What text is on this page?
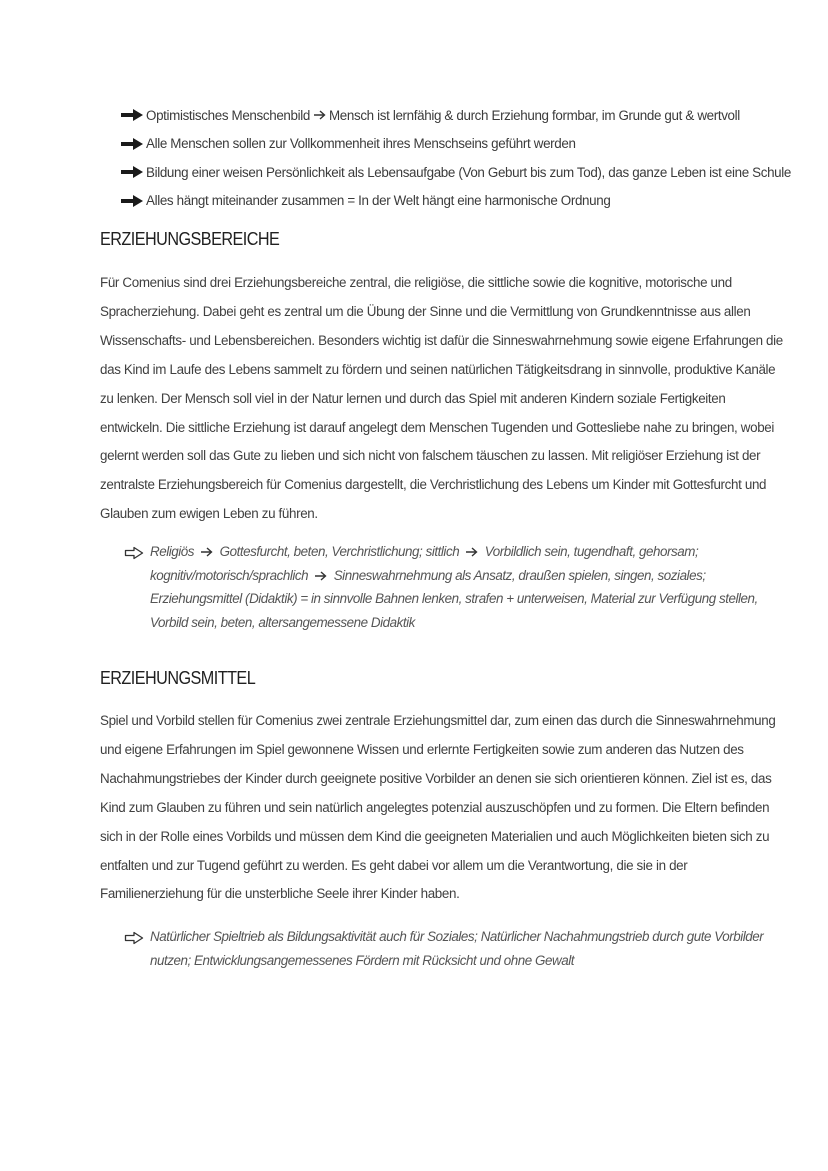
Optimistisches Menschenbild Mensch ist lernfähig & durch Erziehung formbar, im Grunde gut & wertvoll
Alle Menschen sollen zur Vollkommenheit ihres Menschseins geführt werden
Bildung einer weisen Persönlichkeit als Lebensaufgabe (Von Geburt bis zum Tod), das ganze Leben ist eine Schule
Alles hängt miteinander zusammen = In der Welt hängt eine harmonische Ordnung
ERZIEHUNGSBEREICHE
Für Comenius sind drei Erziehungsbereiche zentral, die religiöse, die sittliche sowie die kognitive, motorische und
Spracherziehung. Dabei geht es zentral um die Übung der Sinne und die Vermittlung von Grundkenntnisse aus allen
Wissenschafts- und Lebensbereichen. Besonders wichtig ist dafür die Sinneswahrnehmung sowie eigene Erfahrungen die
das Kind im Laufe des Lebens sammelt zu fördern und seinen natürlichen Tätigkeitsdrang in sinnvolle, produktive Kanäle
zu lenken. Der Mensch soll viel in der Natur lernen und durch das Spiel mit anderen Kindern soziale Fertigkeiten
entwickeln. Die sittliche Erziehung ist darauf angelegt dem Menschen Tugenden und Gottesliebe nahe zu bringen, wobei
gelernt werden soll das Gute zu lieben und sich nicht von falschem täuschen zu lassen. Mit religiöser Erziehung ist der
zentralste Erziehungsbereich für Comenius dargestellt, die Verchristlichung des Lebens um Kinder mit Gottesfurcht und
Glauben zum ewigen Leben zu führen.
Religiös Gottesfurcht, beten, Verchristlichung; sittlich Vorbildlich sein, tugendhaft, gehorsam;
kognitiv/motorisch/sprachlich Sinneswahrnehmung als Ansatz, draußen spielen, singen, soziales;
Erziehungsmittel (Didaktik) = in sinnvolle Bahnen lenken, strafen + unterweisen, Material zur Verfügung stellen,
Vorbild sein, beten, altersangemessene Didaktik
ERZIEHUNGSMITTEL
Spiel und Vorbild stellen für Comenius zwei zentrale Erziehungsmittel dar, zum einen das durch die Sinneswahrnehmung
und eigene Erfahrungen im Spiel gewonnene Wissen und erlernte Fertigkeiten sowie zum anderen das Nutzen des
Nachahmungstriebes der Kinder durch geeignete positive Vorbilder an denen sie sich orientieren können. Ziel ist es, das
Kind zum Glauben zu führen und sein natürlich angelegtes potenzial auszuschöpfen und zu formen. Die Eltern befinden
sich in der Rolle eines Vorbilds und müssen dem Kind die geeigneten Materialien und auch Möglichkeiten bieten sich zu
entfalten und zur Tugend geführt zu werden. Es geht dabei vor allem um die Verantwortung, die sie in der
Familienerziehung für die unsterbliche Seele ihrer Kinder haben.
Natürlicher Spieltrieb als Bildungsaktivität auch für Soziales; Natürlicher Nachahmungstrieb durch gute Vorbilder
nutzen; Entwicklungsangemessenes Fördern mit Rücksicht und ohne Gewalt
